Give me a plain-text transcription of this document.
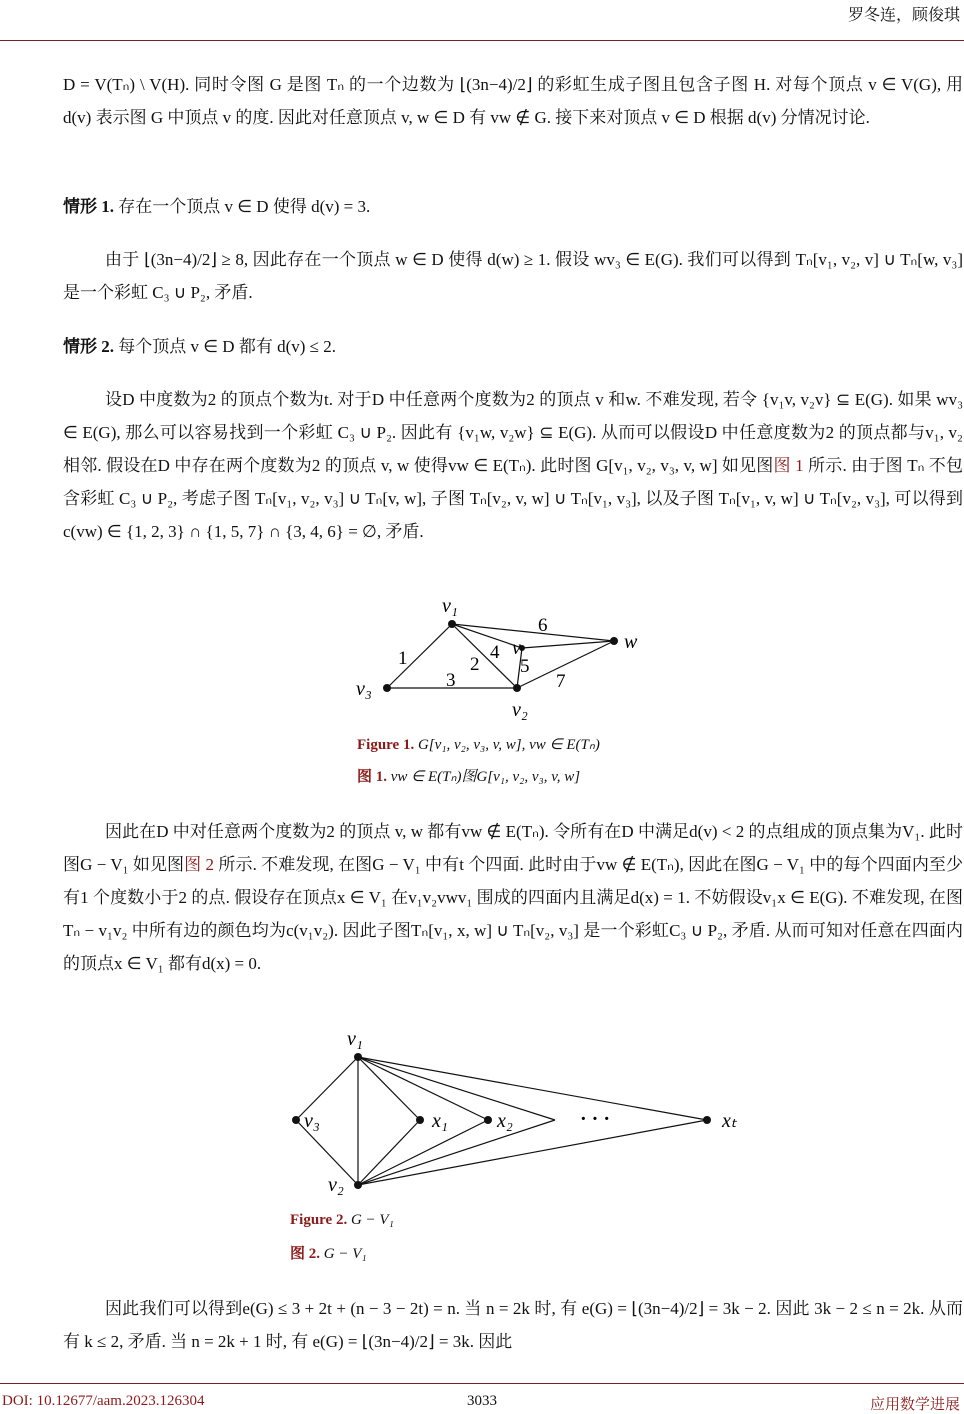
罗冬连，顾俊琪
D = V(Tₙ) \ V(H). 同时令图 G 是图 Tₙ 的一个边数为 ⌊(3n−4)/2⌋ 的彩虹生成子图且包含子图 H. 对每个顶点 v ∈ V(G), 用 d(v) 表示图 G 中顶点 v 的度. 因此对任意顶点 v, w ∈ D 有 vw ∉ G. 接下来对顶点 v ∈ D 根据 d(v) 分情况讨论.
情形 1. 存在一个顶点 v ∈ D 使得 d(v) = 3.
由于 ⌊(3n−4)/2⌋ ≥ 8, 因此存在一个顶点 w ∈ D 使得 d(w) ≥ 1. 假设 wv₃ ∈ E(G). 我们可以得到 Tₙ[v₁, v₂, v] ∪ Tₙ[w, v₃] 是一个彩虹 C₃ ∪ P₂, 矛盾.
情形 2. 每个顶点 v ∈ D 都有 d(v) ≤ 2.
设D 中度数为2 的顶点个数为t. 对于D 中任意两个度数为2 的顶点 v 和w. 不难发现, 若令 {v₁v, v₂v} ⊆ E(G). 如果 wv₃ ∈ E(G), 那么可以容易找到一个彩虹 C₃ ∪ P₂. 因此有 {v₁w, v₂w} ⊆ E(G). 从而可以假设D 中任意度数为2 的顶点都与v₁, v₂ 相邻. 假设在D 中存在两个度数为2 的顶点 v, w 使得vw ∈ E(Tₙ). 此时图 G[v₁, v₂, v₃, v, w] 如见图图 1 所示. 由于图 Tₙ 不包含彩虹 C₃ ∪ P₂, 考虑子图 Tₙ[v₁, v₂, v₃] ∪ Tₙ[v, w], 子图 Tₙ[v₂, v, w] ∪ Tₙ[v₁, v₃], 以及子图 Tₙ[v₁, v, w] ∪ Tₙ[v₂, v₃], 可以得到 c(vw) ∈ {1, 2, 3} ∩ {1, 5, 7} ∩ {3, 4, 6} = ∅, 矛盾.
v₁
v₃
v₂
v	w
1	2
3
4
5
6
7
Figure 1. G[v₁, v₂, v₃, v, w], vw ∈ E(Tₙ)
图 1. vw ∈ E(Tₙ)图G[v₁, v₂, v₃, v, w]
因此在D 中对任意两个度数为2 的顶点 v, w 都有vw ∉ E(Tₙ). 令所有在D 中满足d(v) < 2 的点组成的顶点集为V₁. 此时图G − V₁ 如见图图 2 所示. 不难发现, 在图G − V₁ 中有t 个四面. 此时由于vw ∉ E(Tₙ), 因此在图G − V₁ 中的每个四面内至少有1 个度数小于2 的点. 假设存在顶点x ∈ V₁ 在v₁v₂vwv₁ 围成的四面内且满足d(x) = 1. 不妨假设v₁x ∈ E(G). 不难发现, 在图Tₙ − v₁v₂ 中所有边的颜色均为c(v₁v₂). 因此子图Tₙ[v₁, x, w] ∪ Tₙ[v₂, v₃] 是一个彩虹C₃ ∪ P₂, 矛盾. 从而可知对任意在四面内的顶点x ∈ V₁ 都有d(x) = 0.
v₁
v₃
v₂
x₁ x₂	xₜ
· · ·
Figure 2. G − V₁
图 2. G − V₁
因此我们可以得到e(G) ≤ 3 + 2t + (n − 3 − 2t) = n. 当 n = 2k 时, 有 e(G) = ⌊(3n−4)/2⌋ = 3k − 2. 因此 3k − 2 ≤ n = 2k. 从而有 k ≤ 2, 矛盾. 当 n = 2k + 1 时, 有 e(G) = ⌊(3n−4)/2⌋ = 3k. 因此
DOI: 10.12677/aam.2023.126304	3033	应用数学进展
